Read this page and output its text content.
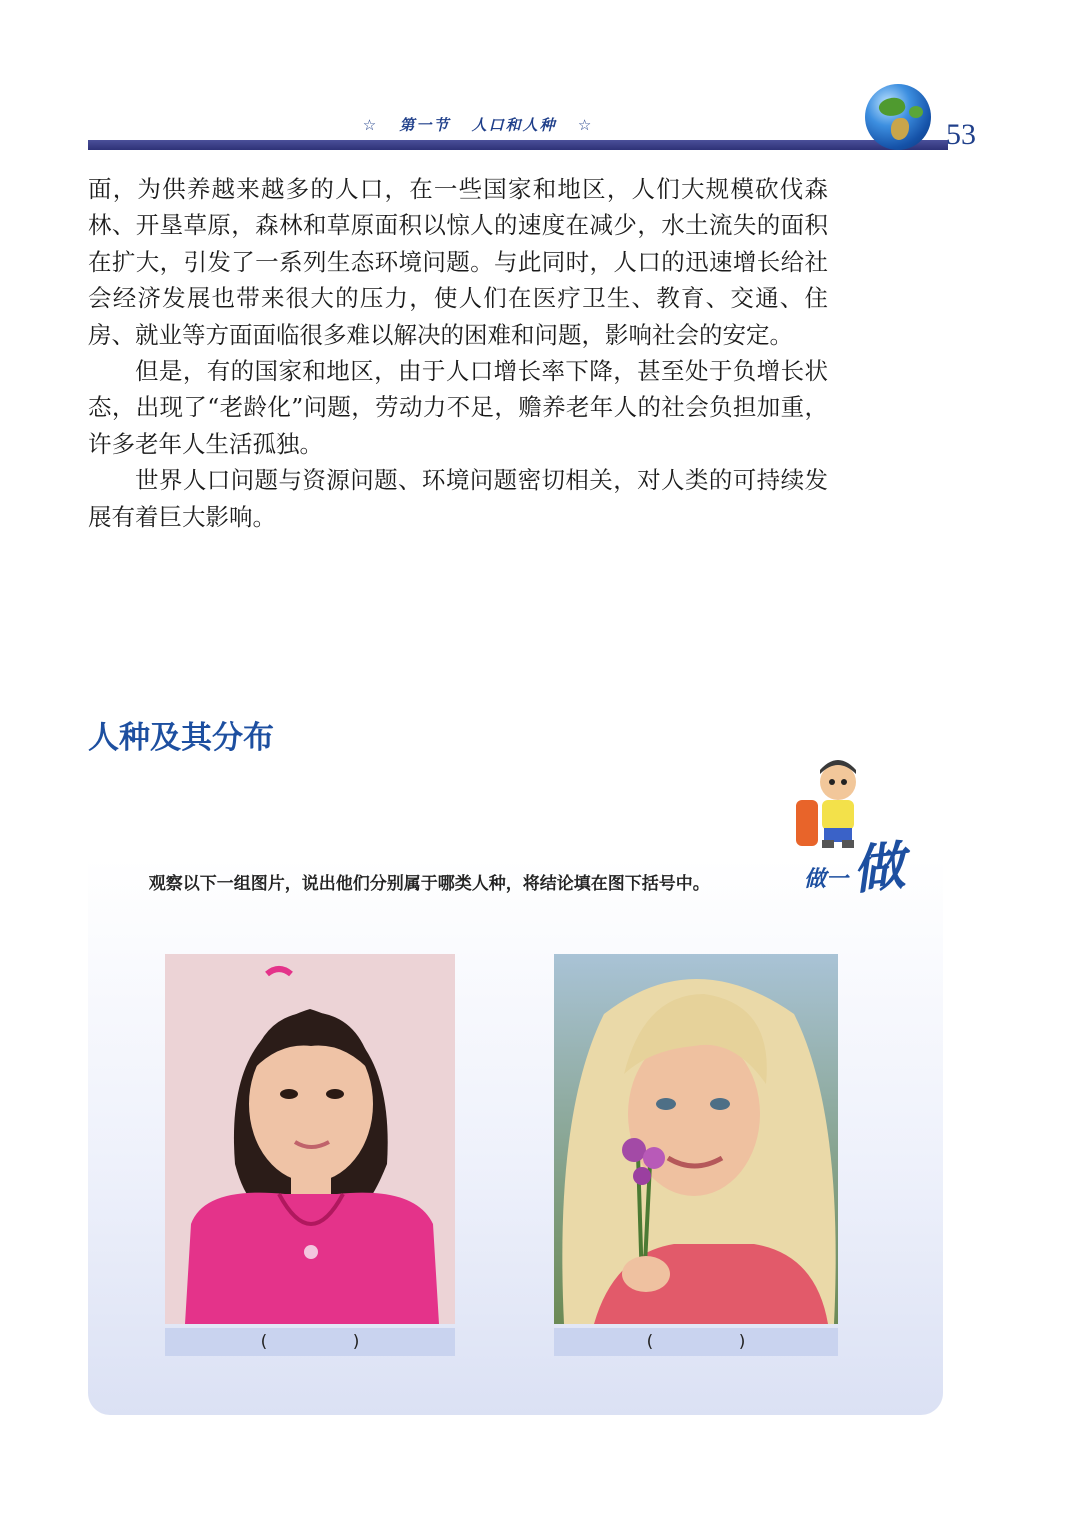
☆ 第一节 人口和人种 ☆	53

面，为供养越来越多的人口，在一些国家和地区，人们大规模砍伐森林、开垦草原，森林和草原面积以惊人的速度在减少，水土流失的面积在扩大，引发了一系列生态环境问题。与此同时，人口的迅速增长给社会经济发展也带来很大的压力，使人们在医疗卫生、教育、交通、住房、就业等方面面临很多难以解决的困难和问题，影响社会的安定。

但是，有的国家和地区，由于人口增长率下降，甚至处于负增长状态，出现了“老龄化”问题，劳动力不足，赡养老年人的社会负担加重，许多老年人生活孤独。

世界人口问题与资源问题、环境问题密切相关，对人类的可持续发展有着巨大影响。

人种及其分布
做一做
观察以下一组图片，说出他们分别属于哪类人种，将结论填在图下括号中。
( )	( )
